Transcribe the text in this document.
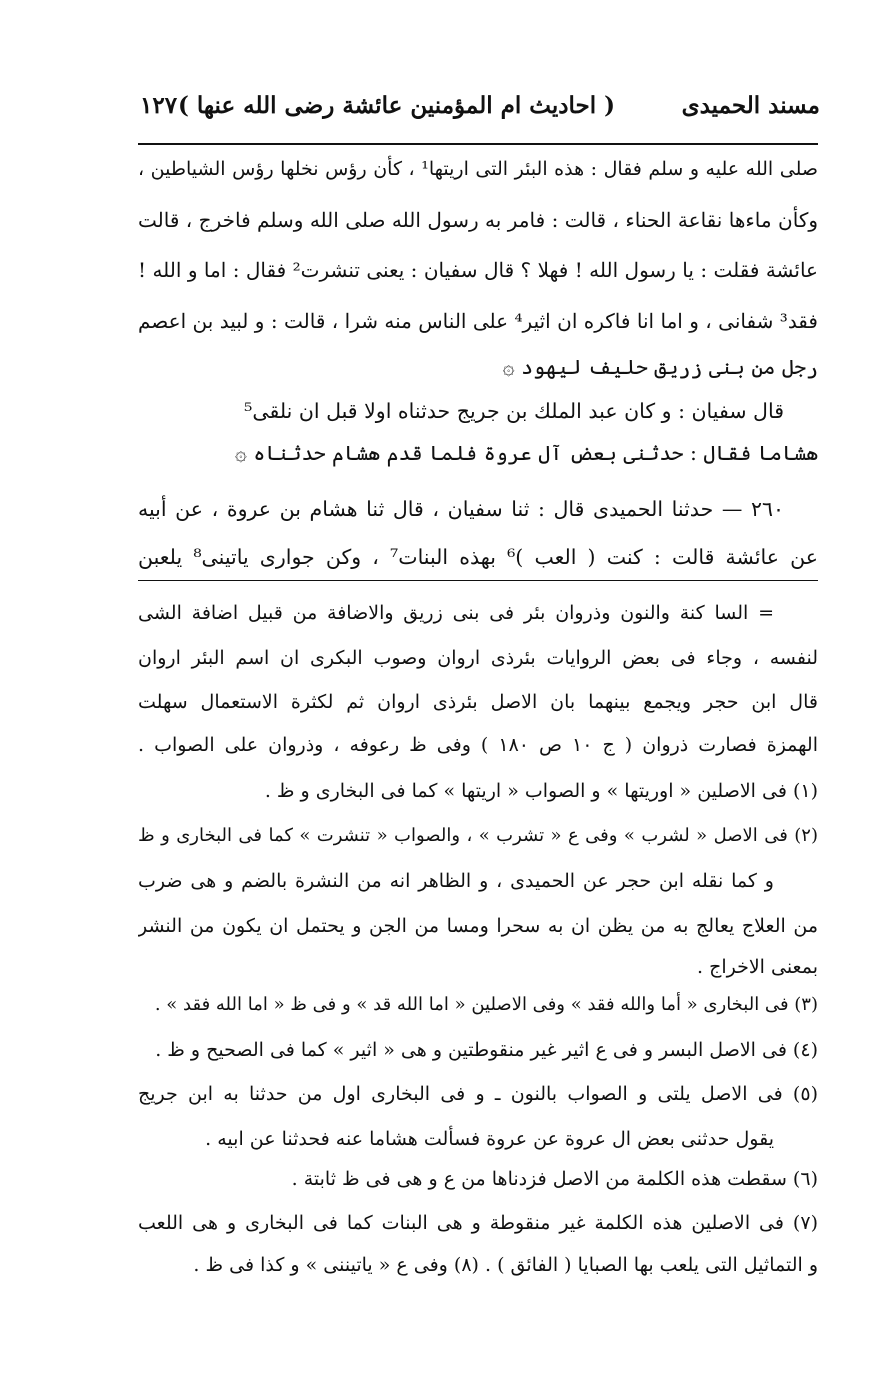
مسند الحميدى
( احاديث ام المؤمنين عائشة رضى الله عنها )
١٢٧
صلى الله عليه و سلم فقال : هذه البئر التى اريتها¹ ، كأن رؤس نخلها رؤس الشياطين ،
وكأن ماءها نقاعة الحناء ، قالت : فامر به رسول الله صلى الله وسلم فاخرج ، قالت
عائشة فقلت : يا رسول الله ! فهلا ؟ قال سفيان : يعنى تنشرت² فقال : اما و الله !
فقد³ شفانى ، و اما انا فاكره ان اثير⁴ على الناس منه شرا ، قالت : و لبيد بن اعصم
رجل من بنى زريق حليف ليهود ۞
قال سفيان : و كان عبد الملك بن جريج حدثناه اولا قبل ان نلقى⁵
هشاما فقال : حدثنى بعض آل عروة فلما قدم هشام حدثناه ۞
٢٦٠ — حدثنا الحميدى قال : ثنا سفيان ، قال ثنا هشام بن عروة ، عن أبيه
عن عائشة قالت : كنت ( العب )⁶ بهذه البنات⁷ ، وكن جوارى ياتينى⁸ يلعبن
= السا كنة والنون وذروان بئر فى بنى زريق والاضافة من قبيل اضافة الشى
لنفسه ، وجاء فى بعض الروايات بئرذى اروان وصوب البكرى ان اسم البئر اروان
قال ابن حجر ويجمع بينهما بان الاصل بئرذى اروان ثم لكثرة الاستعمال سهلت
الهمزة فصارت ذروان ( ج ١٠ ص ١٨٠ ) وفى ظ رعوفه ، وذروان على الصواب .
(١) فى الاصلين « اوريتها » و الصواب « اريتها » كما فى البخارى و ظ .
(٢) فى الاصل « لشرب » وفى ع « تشرب » ، والصواب « تنشرت » كما فى البخارى و ظ
و كما نقله ابن حجر عن الحميدى ، و الظاهر انه من النشرة بالضم و هى ضرب
من العلاج يعالج به من يظن ان به سحرا ومسا من الجن و يحتمل ان يكون من النشر
بمعنى الاخراج .
(٣) فى البخارى « أما والله فقد » وفى الاصلين « اما الله قد » و فى ظ « اما الله فقد » .
(٤) فى الاصل البسر و فى ع اثير غير منقوطتين و هى « اثير » كما فى الصحيح و ظ .
(٥) فى الاصل يلتى و الصواب بالنون ـ و فى البخارى اول من حدثنا به ابن جريج
يقول حدثنى بعض ال عروة عن عروة فسألت هشاما عنه فحدثنا عن ابيه .
(٦) سقطت هذه الكلمة من الاصل فزدناها من ع و هى فى ظ ثابتة .
(٧) فى الاصلين هذه الكلمة غير منقوطة و هى البنات كما فى البخارى و هى اللعب
و التماثيل التى يلعب بها الصبايا ( الفائق ) . (٨) وفى ع « ياتيننى » و كذا فى ظ .
